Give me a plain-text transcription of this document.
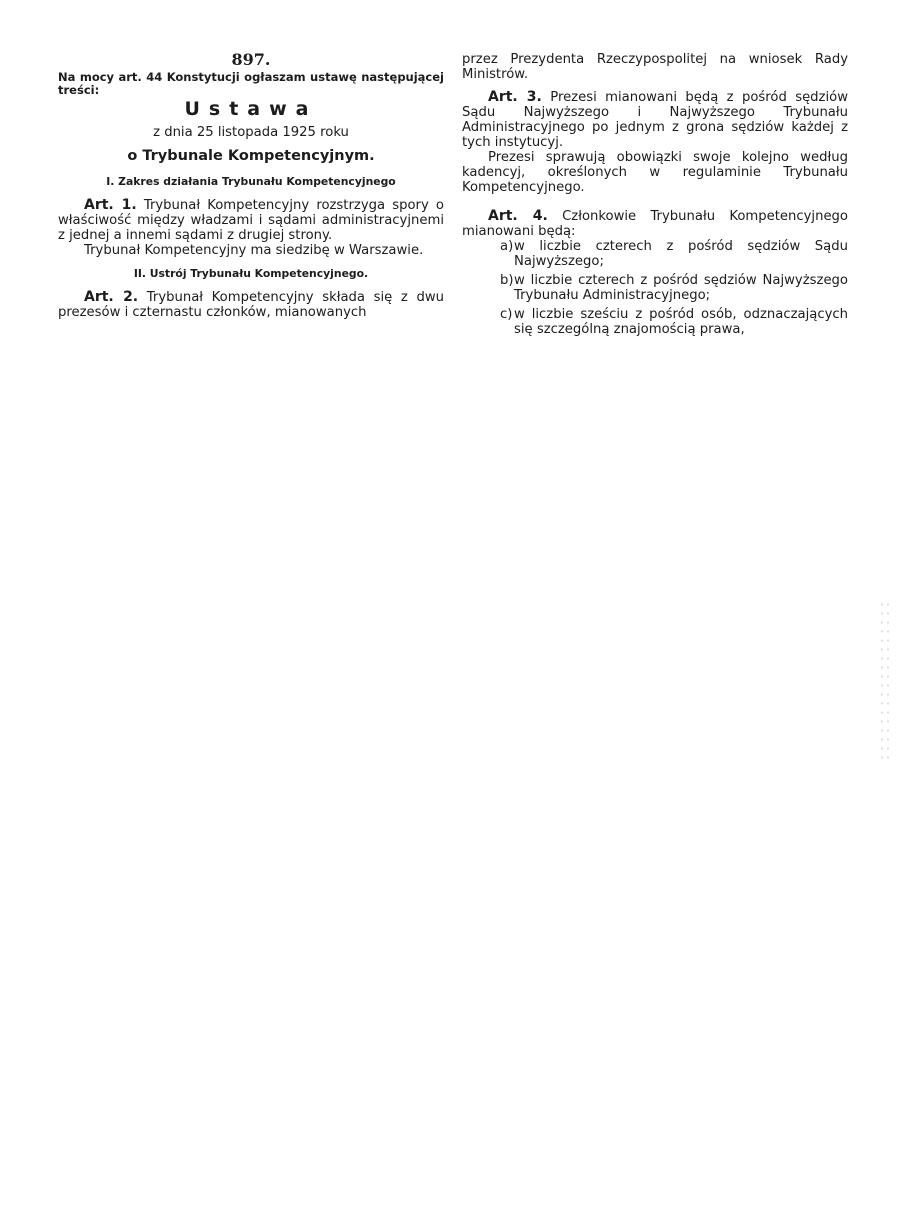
897.

Na mocy art. 44 Konstytucji ogłaszam ustawę następującej treści:

Ustawa

z dnia 25 listopada 1925 roku

o Trybunale Kompetencyjnym.

I. Zakres działania Trybunału Kompetencyjnego

Art. 1. Trybunał Kompetencyjny rozstrzyga spory o właściwość między władzami i sądami administracyjnemi z jednej a innemi sądami z drugiej strony.

Trybunał Kompetencyjny ma siedzibę w Warszawie.

II. Ustrój Trybunału Kompetencyjnego.

Art. 2. Trybunał Kompetencyjny składa się z dwu prezesów i czternastu członków, mianowanych

przez Prezydenta Rzeczypospolitej na wniosek Rady Ministrów.

Art. 3. Prezesi mianowani będą z pośród sędziów Sądu Najwyższego i Najwyższego Trybunału Administracyjnego po jednym z grona sędziów każdej z tych instytucyj.

Prezesi sprawują obowiązki swoje kolejno według kadencyj, określonych w regulaminie Trybunału Kompetencyjnego.

Art. 4. Członkowie Trybunału Kompetencyjnego mianowani będą:

a) w liczbie czterech z pośród sędziów Sądu Najwyższego;
b) w liczbie czterech z pośród sędziów Najwyższego Trybunału Administracyjnego;
c) w liczbie sześciu z pośród osób, odznaczających się szczególną znajomością prawa,
